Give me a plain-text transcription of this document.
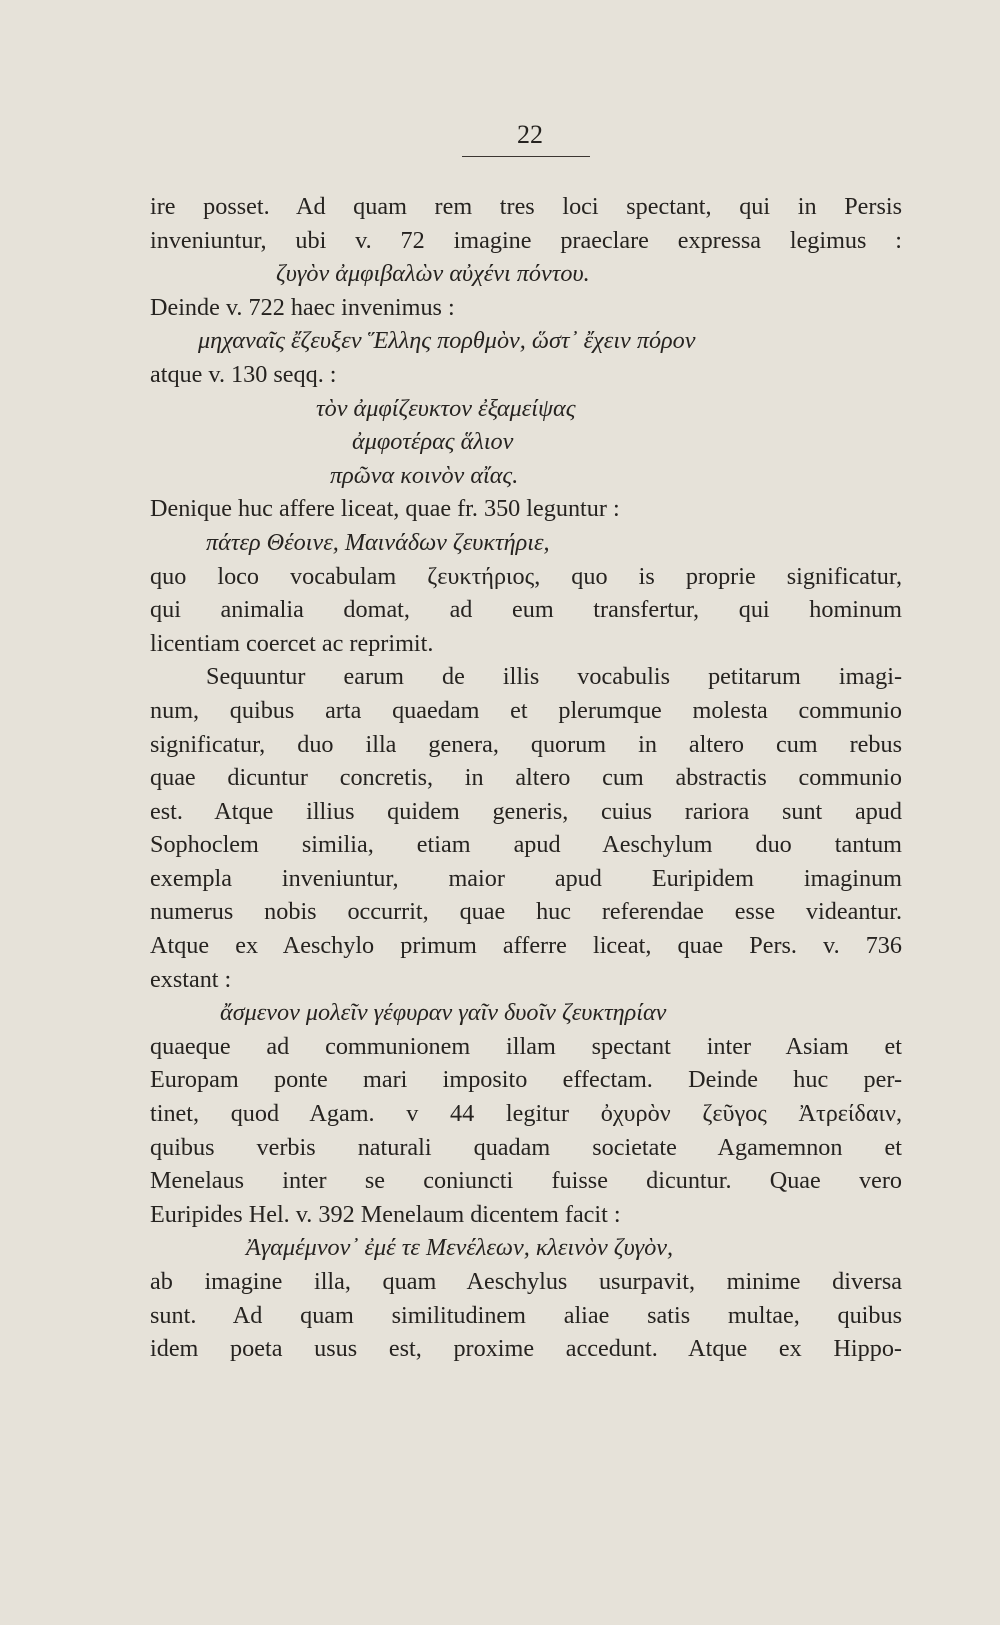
22
ire posset. Ad quam rem tres loci spectant, qui in Persis
inveniuntur, ubi v. 72 imagine praeclare expressa legimus :
ζυγὸν ἀμφιβαλὼν αὐχένι πόντου.
Deinde v. 722 haec invenimus :
μηχαναῖς ἔζευξεν Ἕλλης πορθμὸν, ὥστ᾽ ἔχειν πόρον
atque v. 130 seqq. :
τὸν ἀμφίζευκτον ἐξαμείψας
ἀμφοτέρας ἅλιον
πρῶνα κοινὸν αἴας.
Denique huc affere liceat, quae fr. 350 leguntur :
πάτερ Θέοινε, Μαινάδων ζευκτήριε,
quo loco vocabulam ζευκτήριος, quo is proprie significatur,
qui animalia domat, ad eum transfertur, qui hominum
licentiam coercet ac reprimit.
Sequuntur earum de illis vocabulis petitarum imagi-
num, quibus arta quaedam et plerumque molesta communio
significatur, duo illa genera, quorum in altero cum rebus
quae dicuntur concretis, in altero cum abstractis communio
est. Atque illius quidem generis, cuius rariora sunt apud
Sophoclem similia, etiam apud Aeschylum duo tantum
exempla inveniuntur, maior apud Euripidem imaginum
numerus nobis occurrit, quae huc referendae esse videantur.
Atque ex Aeschylo primum afferre liceat, quae Pers. v. 736
exstant :
ἄσμενον μολεῖν γέφυραν γαῖν δυοῖν ζευκτηρίαν
quaeque ad communionem illam spectant inter Asiam et
Europam ponte mari imposito effectam. Deinde huc per-
tinet, quod Agam. v 44 legitur ὀχυρὸν ζεῦγος Ἀτρείδαιν,
quibus verbis naturali quadam societate Agamemnon et
Menelaus inter se coniuncti fuisse dicuntur. Quae vero
Euripides Hel. v. 392 Menelaum dicentem facit :
Ἀγαμέμνον᾽ ἐμέ τε Μενέλεων, κλεινὸν ζυγὸν,
ab imagine illa, quam Aeschylus usurpavit, minime diversa
sunt. Ad quam similitudinem aliae satis multae, quibus
idem poeta usus est, proxime accedunt. Atque ex Hippo-
